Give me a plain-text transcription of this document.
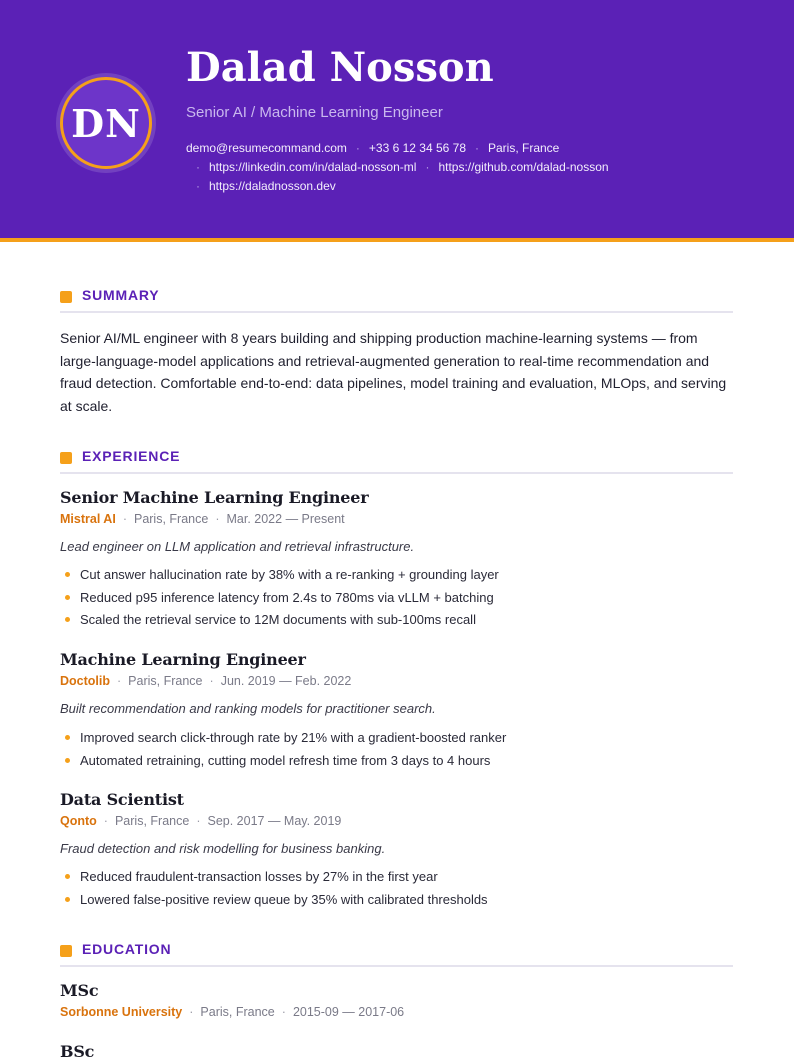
DN
Dalad Nosson
Senior AI / Machine Learning Engineer
demo@resumecommand.com · +33 6 12 34 56 78 · Paris, France
· https://linkedin.com/in/dalad-nosson-ml · https://github.com/dalad-nosson
· https://daladnosson.dev
SUMMARY

Senior AI/ML engineer with 8 years building and shipping production machine-learning systems — from large-language-model applications and retrieval-augmented generation to real-time recommendation and fraud detection. Comfortable end-to-end: data pipelines, model training and evaluation, MLOps, and serving at scale.

EXPERIENCE
Senior Machine Learning Engineer
Mistral AI · Paris, France · Mar. 2022 — Present
Lead engineer on LLM application and retrieval infrastructure.
Cut answer hallucination rate by 38% with a re-ranking + grounding layer
Reduced p95 inference latency from 2.4s to 780ms via vLLM + batching
Scaled the retrieval service to 12M documents with sub-100ms recall
Machine Learning Engineer
Doctolib · Paris, France · Jun. 2019 — Feb. 2022
Built recommendation and ranking models for practitioner search.
Improved search click-through rate by 21% with a gradient-boosted ranker
Automated retraining, cutting model refresh time from 3 days to 4 hours
Data Scientist
Qonto · Paris, France · Sep. 2017 — May. 2019
Fraud detection and risk modelling for business banking.
Reduced fraudulent-transaction losses by 27% in the first year
Lowered false-positive review queue by 35% with calibrated thresholds
EDUCATION
MSc
Sorbonne University · Paris, France · 2015-09 — 2017-06
BSc
